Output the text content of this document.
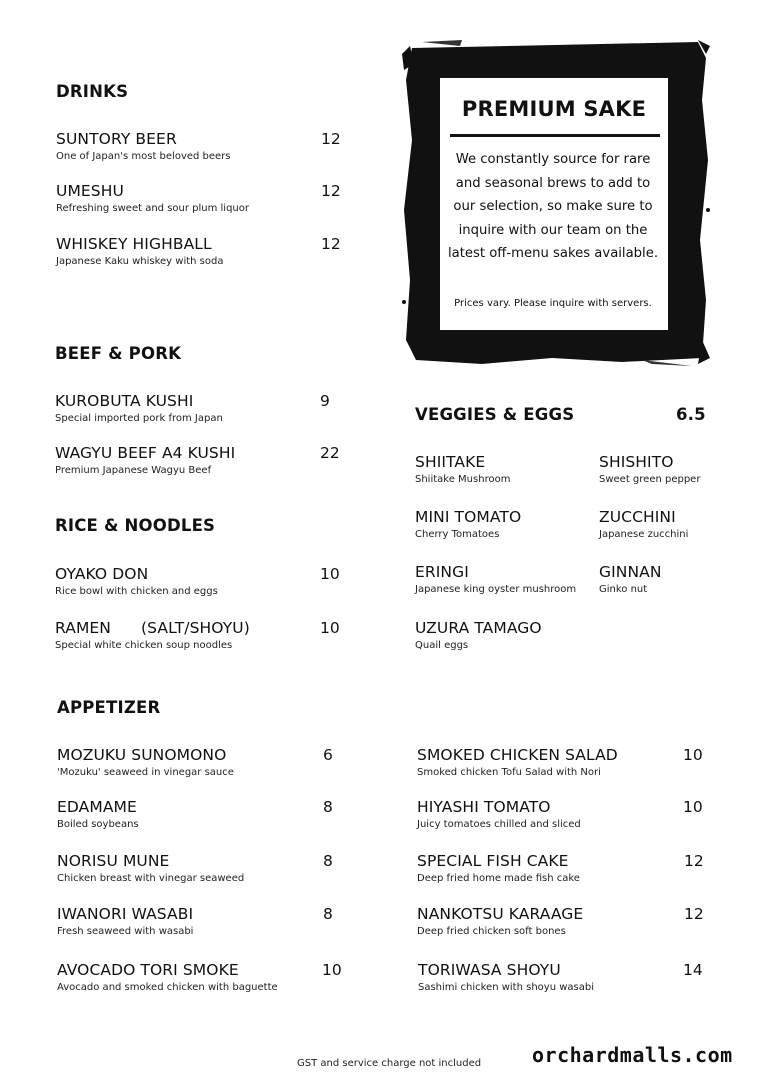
DRINKS
SUNTORY BEER
One of Japan's most beloved beers
12
UMESHU
Refreshing sweet and sour plum liquor
12
WHISKEY HIGHBALL
Japanese Kaku whiskey with soda
12
PREMIUM SAKE
We constantly source for rare
and seasonal brews to add to
our selection, so make sure to
inquire with our team on the
latest off-menu sakes available.
Prices vary. Please inquire with servers.
BEEF & PORK
KUROBUTA KUSHI
Special imported pork from Japan
9
WAGYU BEEF A4 KUSHI
Premium Japanese Wagyu Beef
22
RICE & NOODLES
OYAKO DON
Rice bowl with chicken and eggs
10
RAMEN (SALT/SHOYU)
Special white chicken soup noodles
10
VEGGIES & EGGS	6.5
SHIITAKE
Shiitake Mushroom
SHISHITO
Sweet green pepper
MINI TOMATO
Cherry Tomatoes
ZUCCHINI
Japanese zucchini
ERINGI
Japanese king oyster mushroom
GINNAN
Ginko nut
UZURA TAMAGO
Quail eggs
APPETIZER
MOZUKU SUNOMONO
'Mozuku' seaweed in vinegar sauce
6
EDAMAME
Boiled soybeans
8
NORISU MUNE
Chicken breast with vinegar seaweed
8
IWANORI WASABI
Fresh seaweed with wasabi
8
AVOCADO TORI SMOKE
Avocado and smoked chicken with baguette
10
SMOKED CHICKEN SALAD
Smoked chicken Tofu Salad with Nori
10
HIYASHI TOMATO
Juicy tomatoes chilled and sliced
10
SPECIAL FISH CAKE
Deep fried home made fish cake
12
NANKOTSU KARAAGE
Deep fried chicken soft bones
12
TORIWASA SHOYU
Sashimi chicken with shoyu wasabi
14
GST and service charge not included	orchardmalls.com
